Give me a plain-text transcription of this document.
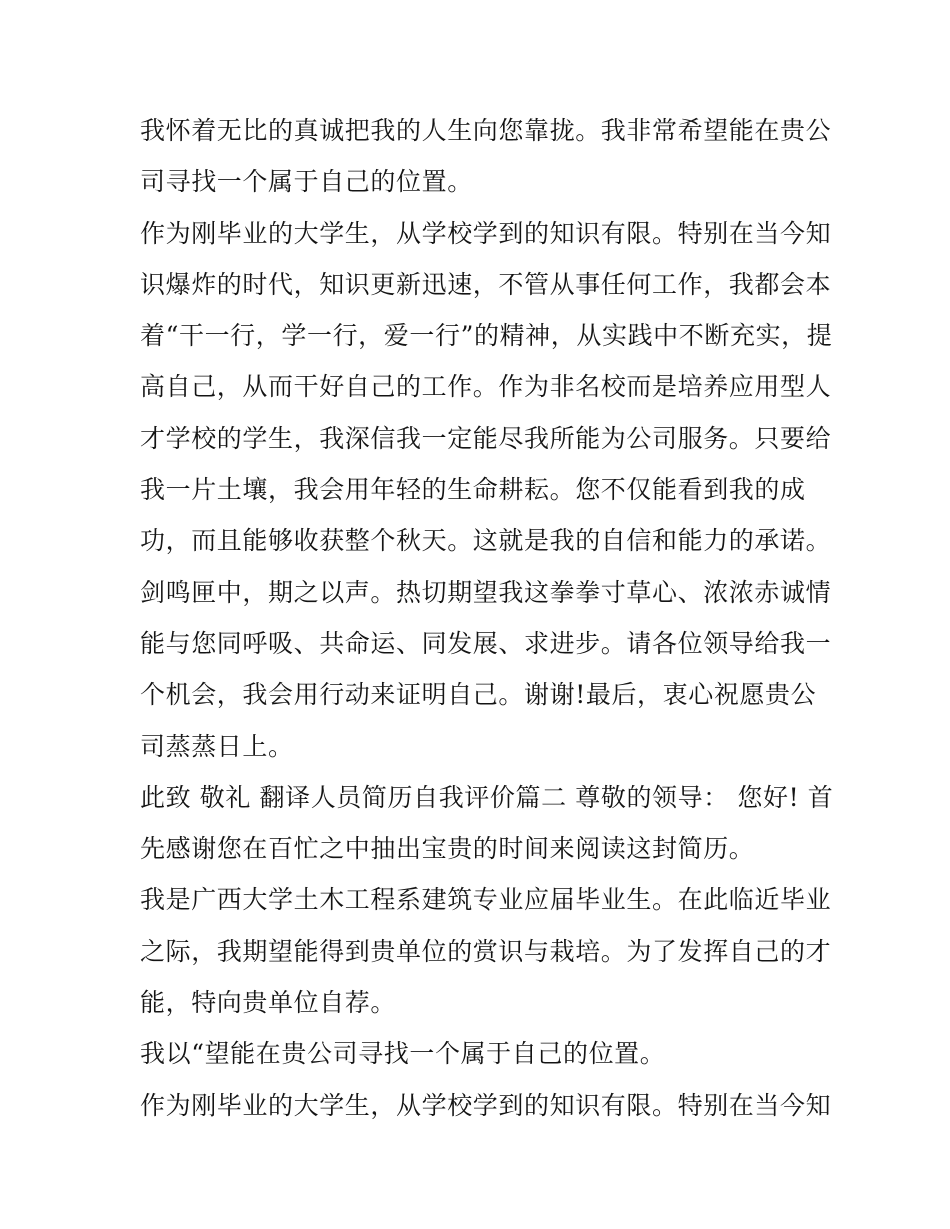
我怀着无比的真诚把我的人生向您靠拢。我非常希望能在贵公
司寻找一个属于自己的位置。
作为刚毕业的大学生，从学校学到的知识有限。特别在当今知
识爆炸的时代，知识更新迅速，不管从事任何工作，我都会本
着“干一行，学一行，爱一行”的精神，从实践中不断充实，提
高自己，从而干好自己的工作。作为非名校而是培养应用型人
才学校的学生，我深信我一定能尽我所能为公司服务。只要给
我一片土壤，我会用年轻的生命耕耘。您不仅能看到我的成
功，而且能够收获整个秋天。这就是我的自信和能力的承诺。
剑鸣匣中，期之以声。热切期望我这拳拳寸草心、浓浓赤诚情
能与您同呼吸、共命运、同发展、求进步。请各位领导给我一
个机会，我会用行动来证明自己。谢谢!最后，衷心祝愿贵公
司蒸蒸日上。
此致 敬礼 翻译人员简历自我评价篇二 尊敬的领导： 您好! 首
先感谢您在百忙之中抽出宝贵的时间来阅读这封简历。
我是广西大学土木工程系建筑专业应届毕业生。在此临近毕业
之际，我期望能得到贵单位的赏识与栽培。为了发挥自己的才
能，特向贵单位自荐。
我以“望能在贵公司寻找一个属于自己的位置。
作为刚毕业的大学生，从学校学到的知识有限。特别在当今知
